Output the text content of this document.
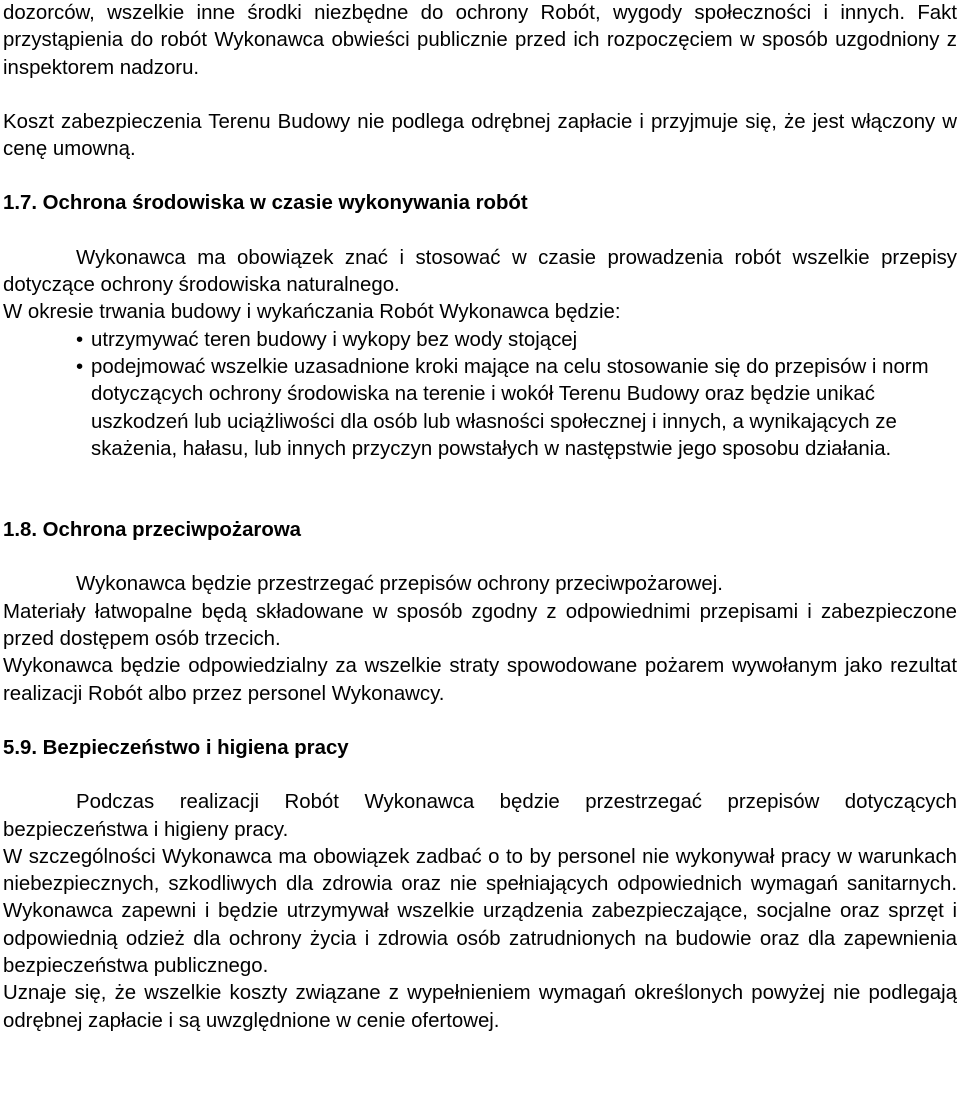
dozorców, wszelkie inne środki niezbędne do ochrony Robót, wygody społeczności i innych. Fakt przystąpienia do robót Wykonawca obwieści publicznie przed ich rozpoczęciem w sposób uzgodniony z inspektorem nadzoru.

Koszt zabezpieczenia Terenu Budowy nie podlega odrębnej zapłacie i przyjmuje się, że jest włączony w cenę umowną.

1.7. Ochrona środowiska w czasie wykonywania robót

Wykonawca ma obowiązek znać i stosować w czasie prowadzenia robót wszelkie przepisy dotyczące ochrony środowiska naturalnego.

W okresie trwania budowy i wykańczania Robót Wykonawca będzie:

• utrzymywać teren budowy i wykopy bez wody stojącej
• podejmować wszelkie uzasadnione kroki mające na celu stosowanie się do przepisów i norm dotyczących ochrony środowiska na terenie i wokół Terenu Budowy oraz będzie unikać uszkodzeń lub uciążliwości dla osób lub własności społecznej i innych, a wynikających ze skażenia, hałasu, lub innych przyczyn powstałych w następstwie jego sposobu działania.
1.8. Ochrona przeciwpożarowa

Wykonawca będzie przestrzegać przepisów ochrony przeciwpożarowej.

Materiały łatwopalne będą składowane w sposób zgodny z odpowiednimi przepisami i zabezpieczone przed dostępem osób trzecich.

Wykonawca będzie odpowiedzialny za wszelkie straty spowodowane pożarem wywołanym jako rezultat realizacji Robót albo przez personel Wykonawcy.

5.9. Bezpieczeństwo i higiena pracy

Podczas realizacji Robót Wykonawca będzie przestrzegać przepisów dotyczących bezpieczeństwa i higieny pracy.

W szczególności Wykonawca ma obowiązek zadbać o to by personel nie wykonywał pracy w warunkach niebezpiecznych, szkodliwych dla zdrowia oraz nie spełniających odpowiednich wymagań sanitarnych. Wykonawca zapewni i będzie utrzymywał wszelkie urządzenia zabezpieczające, socjalne oraz sprzęt i odpowiednią odzież dla ochrony życia i zdrowia osób zatrudnionych na budowie oraz dla zapewnienia bezpieczeństwa publicznego.

Uznaje się, że wszelkie koszty związane z wypełnieniem wymagań określonych powyżej nie podlegają odrębnej zapłacie i są uwzględnione w cenie ofertowej.
